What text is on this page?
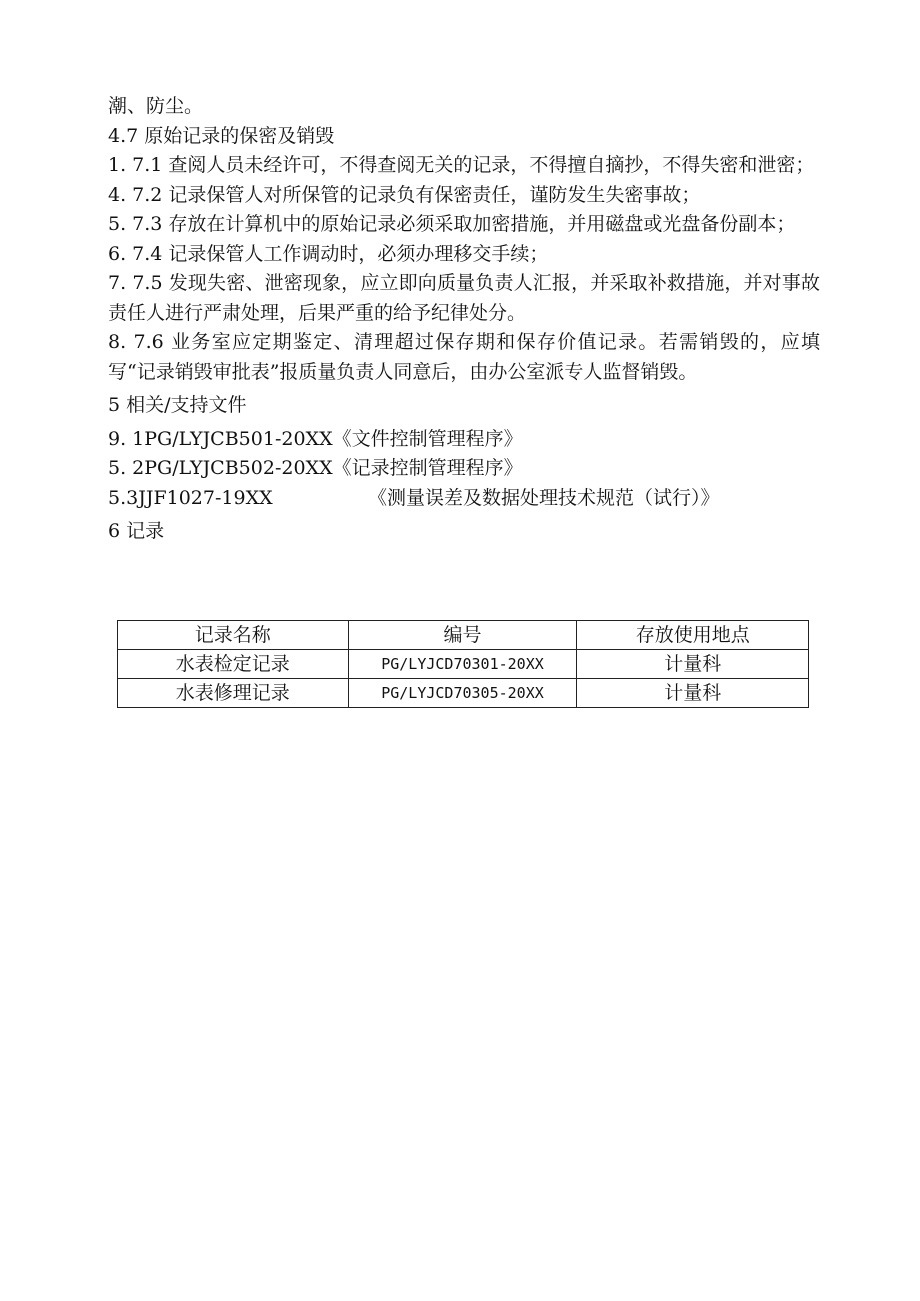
潮、防尘。

4.7 原始记录的保密及销毁

1. 7.1 查阅人员未经许可，不得查阅无关的记录，不得擅自摘抄，不得失密和泄密；

4. 7.2 记录保管人对所保管的记录负有保密责任，谨防发生失密事故；

5. 7.3 存放在计算机中的原始记录必须采取加密措施，并用磁盘或光盘备份副本；

6. 7.4 记录保管人工作调动时，必须办理移交手续；

7. 7.5 发现失密、泄密现象，应立即向质量负责人汇报，并采取补救措施，并对事故责任人进行严肃处理，后果严重的给予纪律处分。

8. 7.6 业务室应定期鉴定、清理超过保存期和保存价值记录。若需销毁的，应填写“记录销毁审批表”报质量负责人同意后，由办公室派专人监督销毁。

5 相关/支持文件

9. 1PG/LYJCB501-20XX《文件控制管理程序》

5. 2PG/LYJCB502-20XX《记录控制管理程序》

5.3JJF1027-19XX	《测量误差及数据处理技术规范（试行）》

6 记录

记录名称	编号	存放使用地点
水表检定记录	PG/LYJCD70301-20XX	计量科
水表修理记录	PG/LYJCD70305-20XX	计量科
